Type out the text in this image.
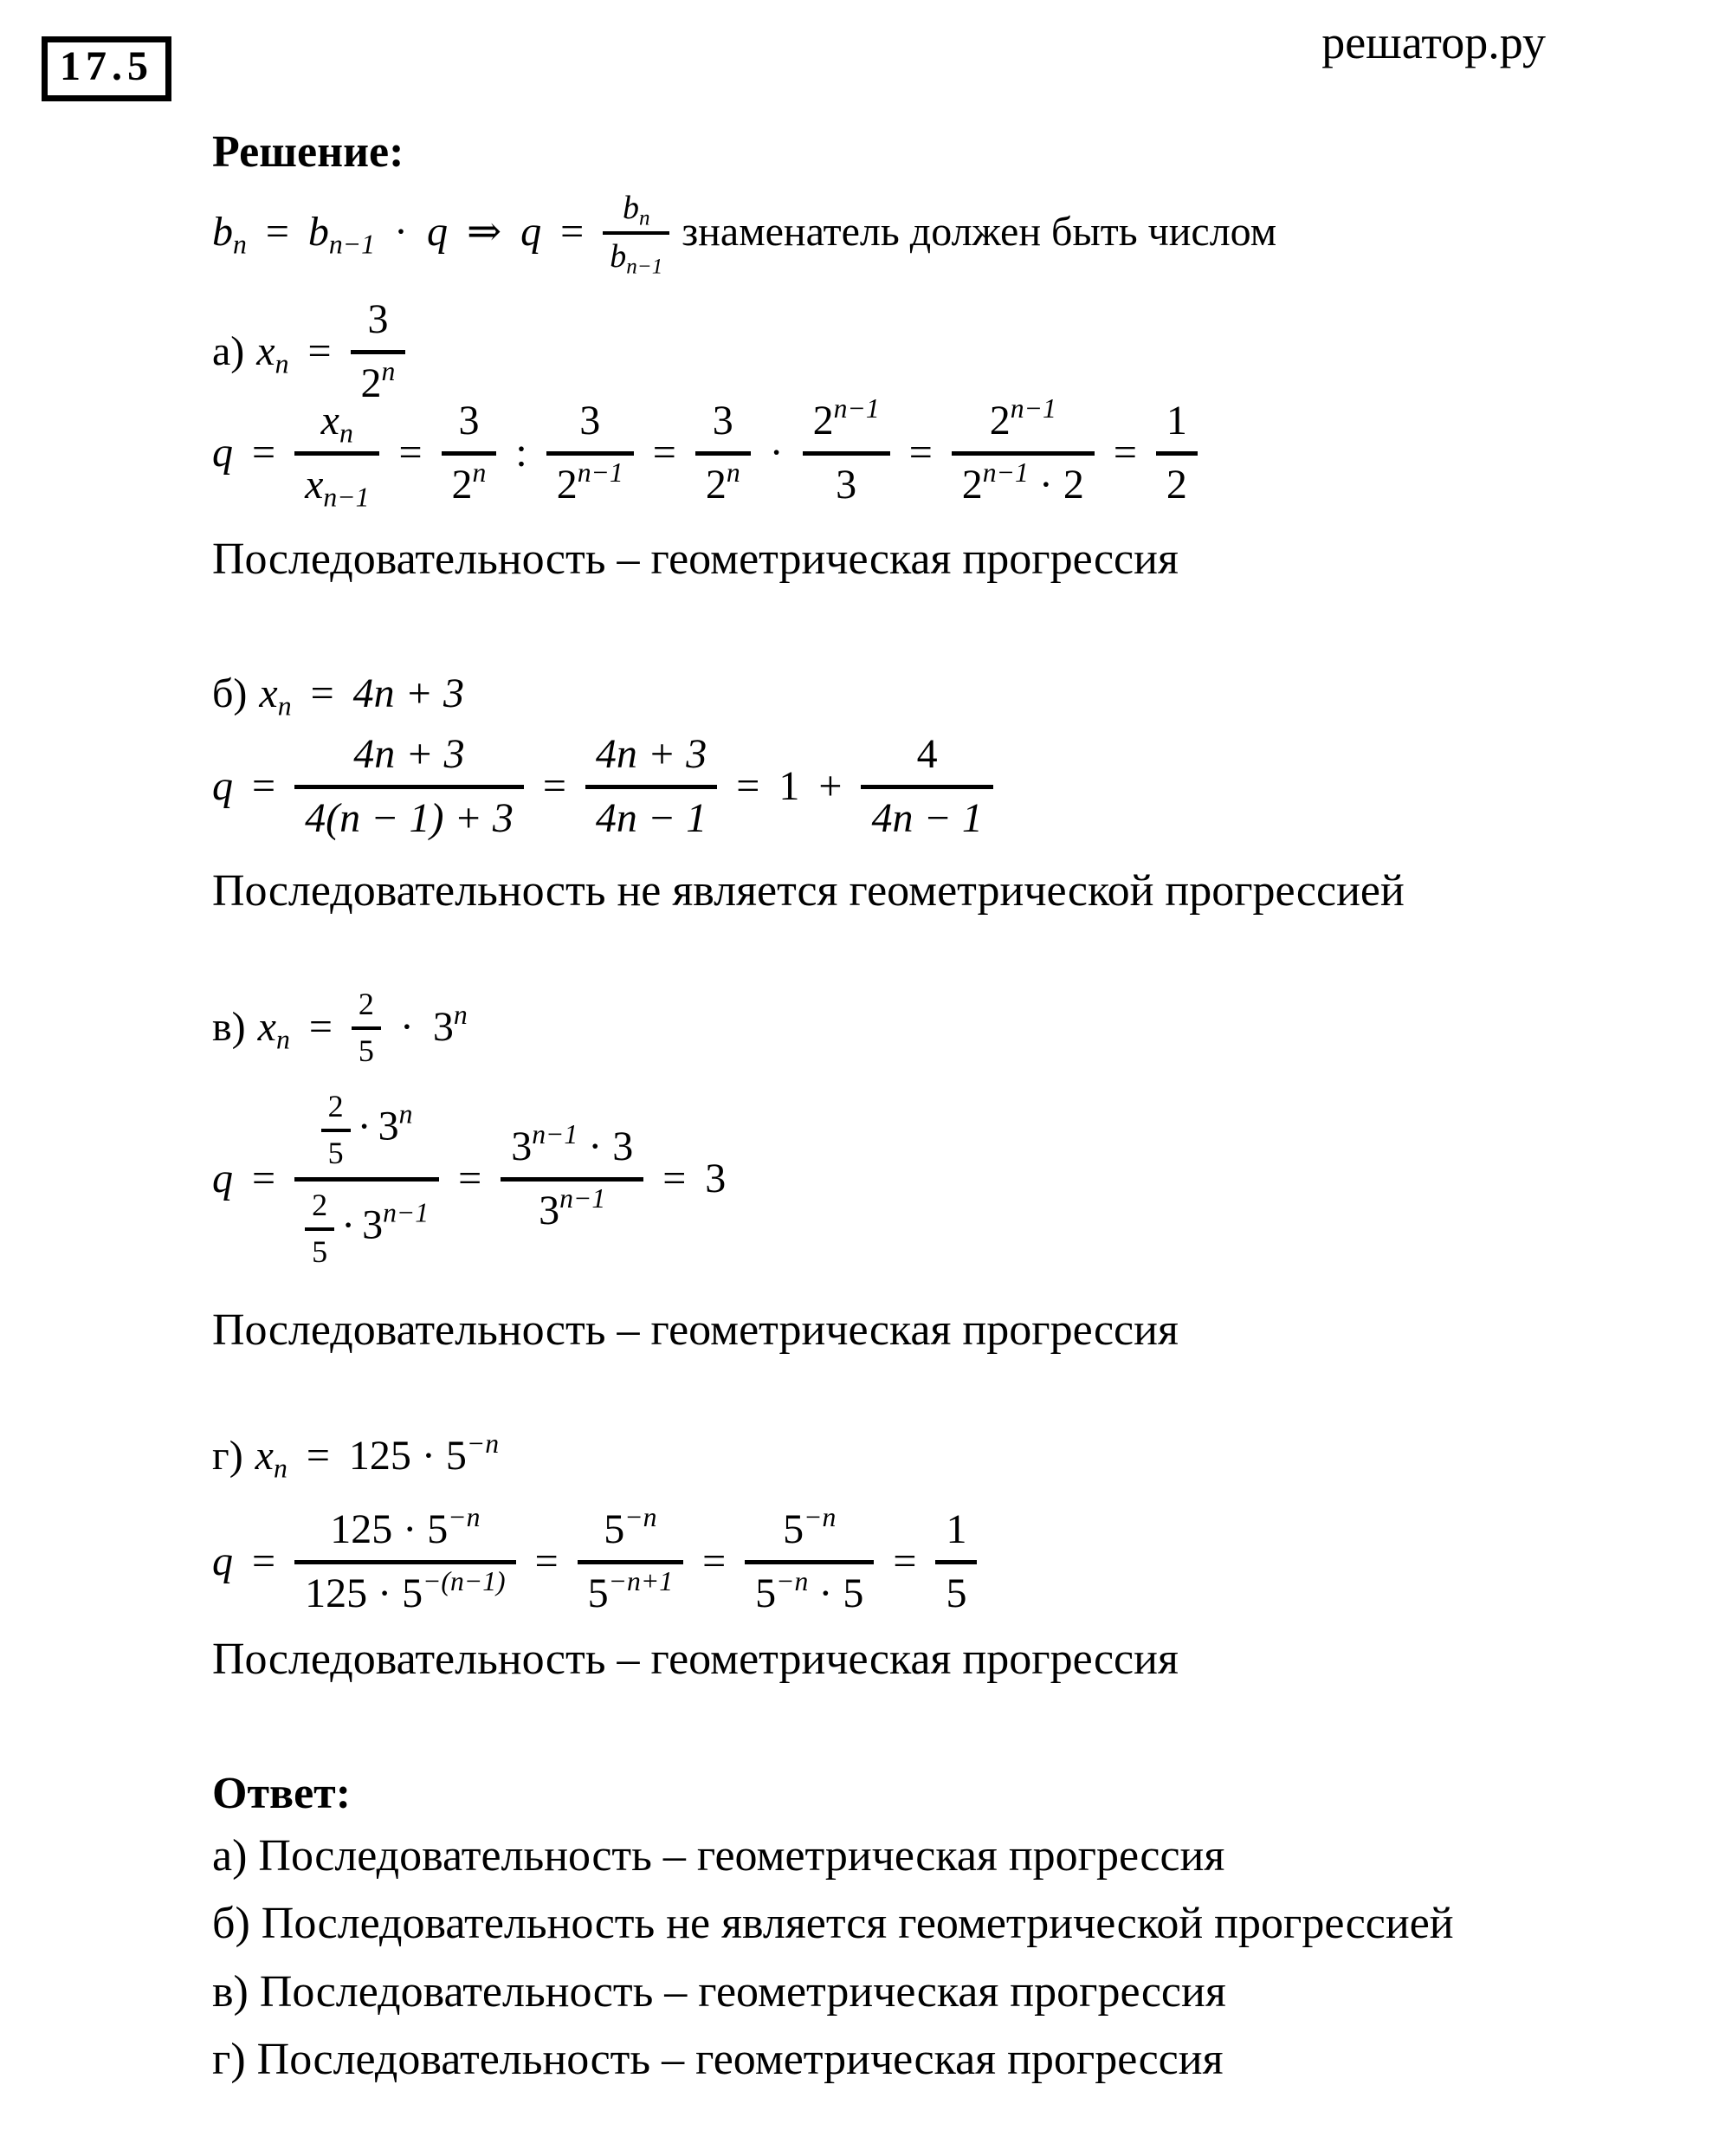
17.5	решатор.ру
Решение:
$b_n = b_{n-1} \cdot q$ ⇒ $q = \frac{b_n}{b_{n-1}}$ знаменатель должен быть числом
а) $x_n = \frac{3}{2^n}$
$q = \frac{x_n}{x_{n-1}} = \frac{3}{2^n}$ : $\frac{3}{2^{n-1}} = \frac{3}{2^n} \cdot \frac{2^{n-1}}{3} = \frac{2^{n-1}}{2^{n-1} \cdot 2} = \frac{1}{2}$
Последовательность – геометрическая прогрессия
б) $x_n = 4n + 3$
$q = \frac{4n + 3}{4(n - 1) + 3} = \frac{4n + 3}{4n - 1} = 1 + \frac{4}{4n - 1}$
Последовательность не является геометрической прогрессией
в) $x_n = \frac{2}{5} \cdot 3^n$
$q = \frac{\frac{2}{5} \cdot 3^n}{\frac{2}{5} \cdot 3^{n-1}} = \frac{3^{n-1} \cdot 3}{3^{n-1}} = 3$
Последовательность – геометрическая прогрессия
г) $x_n = 125 \cdot 5^{-n}$
$q = \frac{125 \cdot 5^{-n}}{125 \cdot 5^{-(n-1)}} = \frac{5^{-n}}{5^{-n+1}} = \frac{5^{-n}}{5^{-n} \cdot 5} = \frac{1}{5}$
Последовательность – геометрическая прогрессия
Ответ:
а) Последовательность – геометрическая прогрессия
б) Последовательность не является геометрической прогрессией
в) Последовательность – геометрическая прогрессия
г) Последовательность – геометрическая прогрессия
